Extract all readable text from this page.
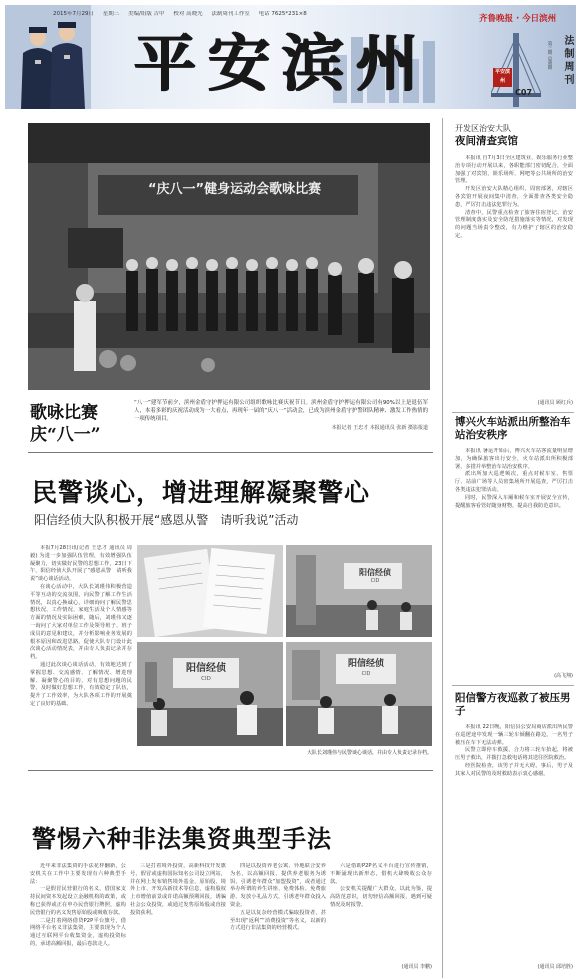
2015年7月29日 星期三 美编/组版 吉中 校对 高晓光 法制周刊工作室 电话 7625*231×8
平安滨州
齐鲁晚报 · 今日滨州
平安滨州
第三期 总第期	法制周刊
C07
“庆八一”健身运动会歌咏比赛
歌咏比赛
庆“八一”
“八一”建军节前夕，滨州金盾守护押运有限公司组织歌咏比赛庆祝节日。滨州金盾守护押运有限公司有90%以上是退伍军人，本着多彩的庆祝活动成为一大看点，再现年一届的“庆八一”活动会，已成为滨州金盾守护警团队精神、激发工作热情的一项传统项目。
本报记者 王忠才 本报通讯员 张新 摄影报道
民警谈心，增进理解凝聚警心
阳信经侦大队积极开展“感恩从警　请听我说”活动

本报7月28日讯(记者 王忠才 通讯员 周毅) 为进一步加强队伍管理，有效增强队伍凝聚力，切实做好民警的思想工作，23日下午，阳信经侦大队开展了“感恩从警　请听我说”谈心谈话活动。

在谈心活动中，大队长刘瑾伟积极营造平等互动的交流氛围，向民警了解工作生活情况，以真心换诚心，详细询问了解民警思想状况、工作情况、家庭生活及个人情感等方面的情况及实际困难，随后，刘瑾伟又逐一询问了大家对单位工作及领导班子、班子成员的意见和建议，并分析影响业务发展的根本原因和改进思路。促使大队专门设计此次谈心活动情况表，并由专人负责记录并存档。

通过此次谈心谈话活动，有效地达到了掌握思想、交流感情、了解情况、增进理解、凝聚警心的目的，对有思想问题的民警，及时做好思想工作，有效稳定了队伍，提升了工作效率，为大队各项工作的开展奠定了良好的基础。

阳信经侦
CID
阳信经侦
CID
阳信经侦
CID
大队长刘瑾伟与民警谈心谈话，并由专人负责记录存档。
警惕六种非法集资典型手法

近年来非法集资的手法花样翻新，公安机关在工作中主要发现有六种典型手法：

一是假冒民营银行的名义，借国家支持民间资本发起设立金融机构的政策，或称已获得或正在申办民营银行牌照，虚构民营银行的名义发售原始股或吸收存款。

二是打着网络借贷P2P平台旗号，借网络平台名义非法集资，主要表现为个人通过互联网平台收集资金，虚构投资标的，承诺高额回报，最后卷款走人。

三是打着境外投资、高新科技开发旗号，假冒或虚构国际知名公司设立网站，并在网上发布销售境外基金、原始股、境外上市、开发高新技术等信息，虚构股权上市增值前景或许诺高额预期回报，诱骗社会公众投资，或通过发售原始股或直接投资获利。

四是以投资养老公寓、异地联合安养为名，以高额回报、提供养老服务为诱饵，引诱老年群众“加盟投资”，或者通过举办所谓的养生讲座、免费体检、免费旅游、发放小礼品方式，引诱老年群众投入资金。

五是以复杂经营模式骗取投资者，甚至出现“返利”“消费投资”等名义，以新的方式进行非法集资的经营模式。

六是借助P2P名义平台进行宣传推销，不断涌现出新形态，借机大肆吸收公众存款。

公安机关提醒广大群众，以此为鉴，提高防范意识，切勿轻信高额回报，遇到可疑情况及时报警。

(通讯员 李鹏)
开发区治安大队
夜间清查宾馆

本报讯 自7月3日全区建筑业、娱乐服务行业整治专项行动开展以来，各职能部门密切配合，全面加强了对宾馆、娱乐场所、网吧等公共场所的治安管理。

开发区治安大队精心组织、周密部署，对辖区各宾馆开展夜间集中清查，全面排查各类安全隐患，严厉打击违法犯罪行为。

清查中，民警重点检查了旅客住宿登记、治安管理制度落实及安全防范措施落实等情况，对发现的问题当场责令整改，有力维护了辖区的治安稳定。

(通讯员 顾红兵)
博兴火车站派出所整治车站治安秩序

本报讯 暑运开始后，博兴火车站客流量明显增加，为确保旅客出行安全，火车站派出所积极部署，多措并举整治车站治安秩序。

派出所加大巡逻频次，重点对候车室、售票厅、站前广场等人员密集场所开展巡查，严厉打击各类违法犯罪活动。

同时，民警深入车厢和候车室开展安全宣传，提醒旅客看管好随身财物，提高自我防范意识。

(高飞翔)
阳信警方夜巡救了被压男子

本报讯 22日晚，阳信县公安局商店派出所民警在巡逻途中发现一辆三轮车倾翻在路边，一名男子被压在车下无法动弹。

民警立即停车救援，合力将三轮车抬起，将被压男子救出，并拨打急救电话将其送往医院救治。

经医院检查，该男子并无大碍。事后，男子及其家人对民警的及时救助表示衷心感谢。

(通讯员 邱培胜)
